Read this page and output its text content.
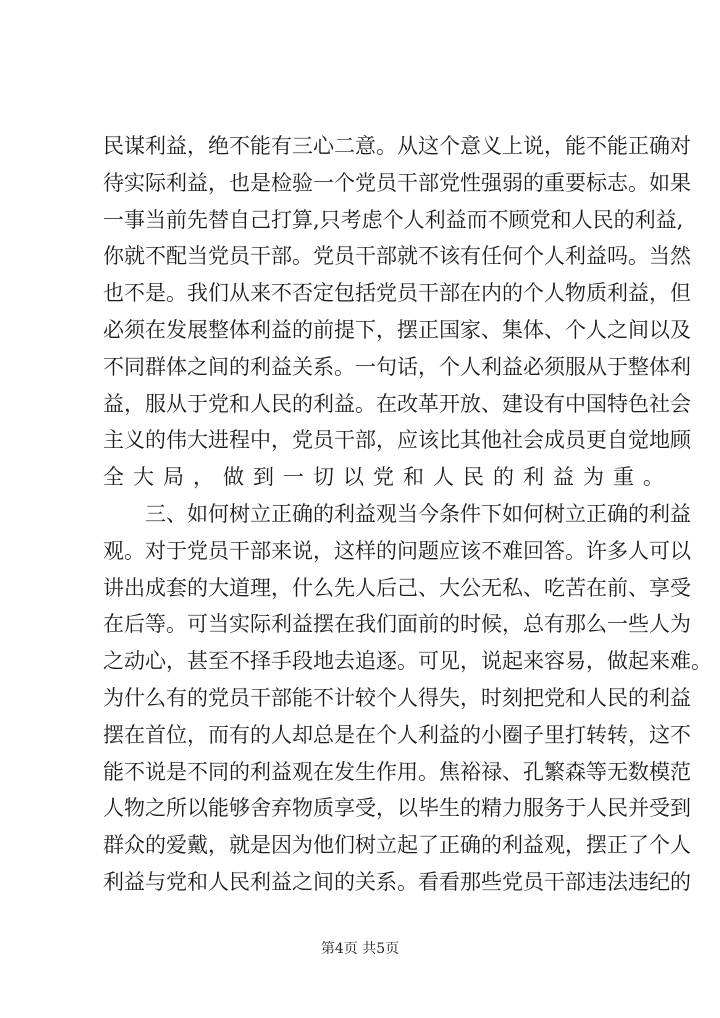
民谋利益，绝不能有三心二意。从这个意义上说，能不能正确对
待实际利益，也是检验一个党员干部党性强弱的重要标志。如果
一事当前先替自己打算,只考虑个人利益而不顾党和人民的利益,
你就不配当党员干部。党员干部就不该有任何个人利益吗。当然
也不是。我们从来不否定包括党员干部在内的个人物质利益，但
必须在发展整体利益的前提下，摆正国家、集体、个人之间以及
不同群体之间的利益关系。一句话，个人利益必须服从于整体利
益，服从于党和人民的利益。在改革开放、建设有中国特色社会
主义的伟大进程中，党员干部，应该比其他社会成员更自觉地顾
全大局，做到一切以党和人民的利益为重。
三、如何树立正确的利益观当今条件下如何树立正确的利益
观。对于党员干部来说，这样的问题应该不难回答。许多人可以
讲出成套的大道理，什么先人后己、大公无私、吃苦在前、享受
在后等。可当实际利益摆在我们面前的时候，总有那么一些人为
之动心，甚至不择手段地去追逐。可见，说起来容易，做起来难。
为什么有的党员干部能不计较个人得失，时刻把党和人民的利益
摆在首位，而有的人却总是在个人利益的小圈子里打转转，这不
能不说是不同的利益观在发生作用。焦裕禄、孔繁森等无数模范
人物之所以能够舍弃物质享受，以毕生的精力服务于人民并受到
群众的爱戴，就是因为他们树立起了正确的利益观，摆正了个人
利益与党和人民利益之间的关系。看看那些党员干部违法违纪的
第4页 共5页
